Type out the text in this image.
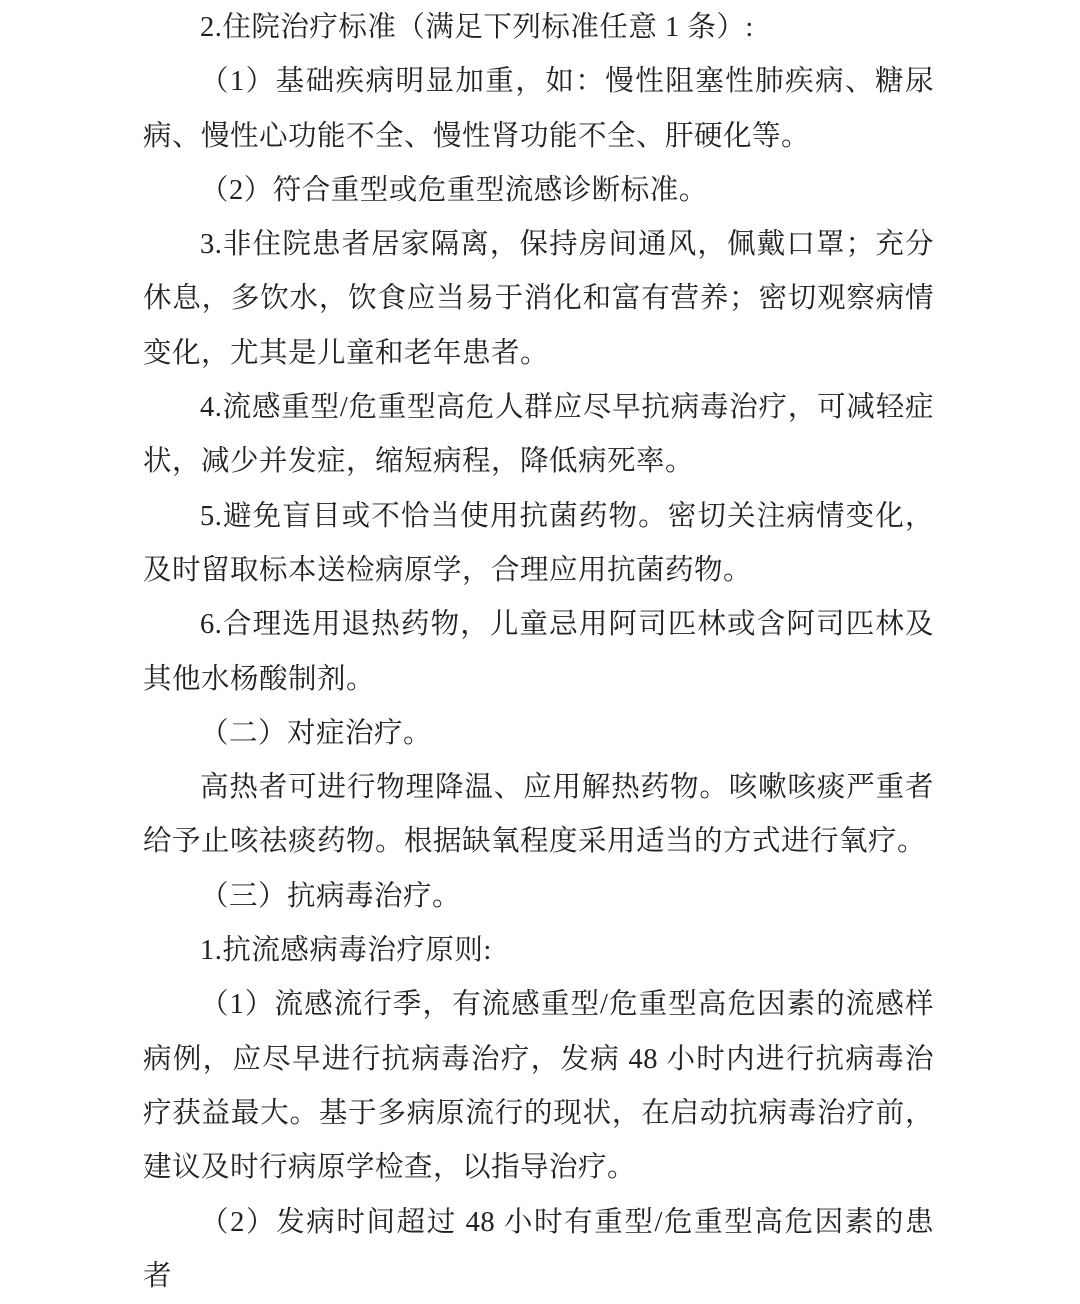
2.住院治疗标准（满足下列标准任意 1 条）:

（1）基础疾病明显加重，如：慢性阻塞性肺疾病、糖尿病、慢性心功能不全、慢性肾功能不全、肝硬化等。

（2）符合重型或危重型流感诊断标准。

3.非住院患者居家隔离，保持房间通风，佩戴口罩；充分休息，多饮水，饮食应当易于消化和富有营养；密切观察病情变化，尤其是儿童和老年患者。

4.流感重型/危重型高危人群应尽早抗病毒治疗，可减轻症状，减少并发症，缩短病程，降低病死率。

5.避免盲目或不恰当使用抗菌药物。密切关注病情变化，及时留取标本送检病原学，合理应用抗菌药物。

6.合理选用退热药物，儿童忌用阿司匹林或含阿司匹林及其他水杨酸制剂。

（二）对症治疗。

高热者可进行物理降温、应用解热药物。咳嗽咳痰严重者给予止咳祛痰药物。根据缺氧程度采用适当的方式进行氧疗。

（三）抗病毒治疗。

1.抗流感病毒治疗原则:

（1）流感流行季，有流感重型/危重型高危因素的流感样病例，应尽早进行抗病毒治疗，发病 48 小时内进行抗病毒治疗获益最大。基于多病原流行的现状，在启动抗病毒治疗前，建议及时行病原学检查，以指导治疗。

（2）发病时间超过 48 小时有重型/危重型高危因素的患者
